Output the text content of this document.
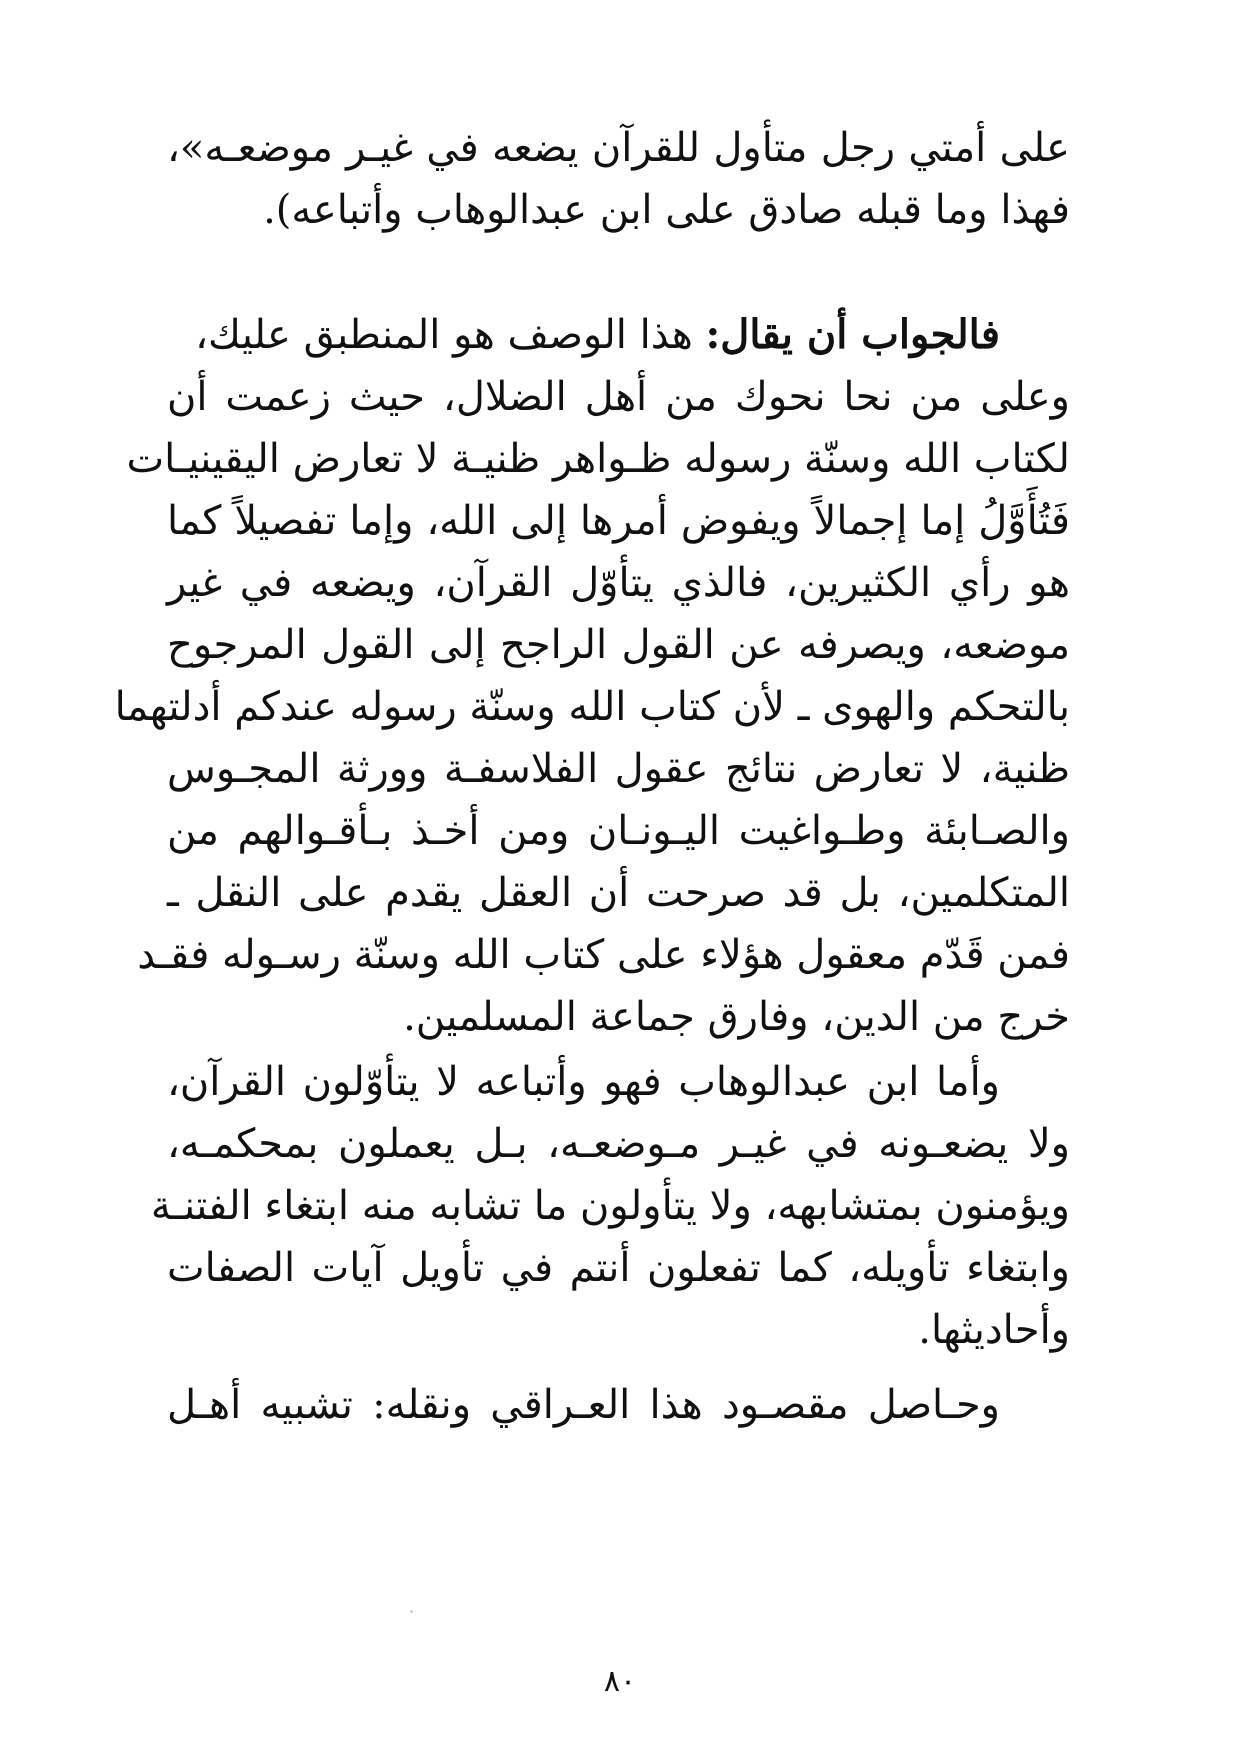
على أمتي رجل متأول للقرآن يضعه في غيـر موضعـه»،
فهذا وما قبله صادق على ابن عبدالوهاب وأتباعه).
فالجواب أن يقال: هذا الوصف هو المنطبق عليك،
وعلى من نحا نحوك من أهل الضلال، حيث زعمت أن
لكتاب الله وسنّة رسوله ظـواهر ظنيـة لا تعارض اليقينيـات
فَتُأَوَّلُ إما إجمالاً ويفوض أمرها إلى الله، وإما تفصيلاً كما
هو رأي الكثيرين، فالذي يتأوّل القرآن، ويضعه في غير
موضعه، ويصرفه عن القول الراجح إلى القول المرجوح
بالتحكم والهوى ـ لأن كتاب الله وسنّة رسوله عندكم أدلتهما
ظنية، لا تعارض نتائج عقول الفلاسفـة وورثة المجـوس
والصـابئة وطـواغيت اليـونـان ومن أخـذ بـأقـوالهم من
المتكلمين، بل قد صرحت أن العقل يقدم على النقل ـ
فمن قَدّم معقول هؤلاء على كتاب الله وسنّة رسـوله فقـد
خرج من الدين، وفارق جماعة المسلمين.
وأما ابن عبدالوهاب فهو وأتباعه لا يتأوّلون القرآن،
ولا يضعـونه في غيـر مـوضعـه، بـل يعملون بمحكمـه،
ويؤمنون بمتشابهه، ولا يتأولون ما تشابه منه ابتغاء الفتنـة
وابتغاء تأويله، كما تفعلون أنتم في تأويل آيات الصفات
وأحاديثها.
وحـاصل مقصـود هذا العـراقي ونقله: تشبيه أهـل
٨٠
